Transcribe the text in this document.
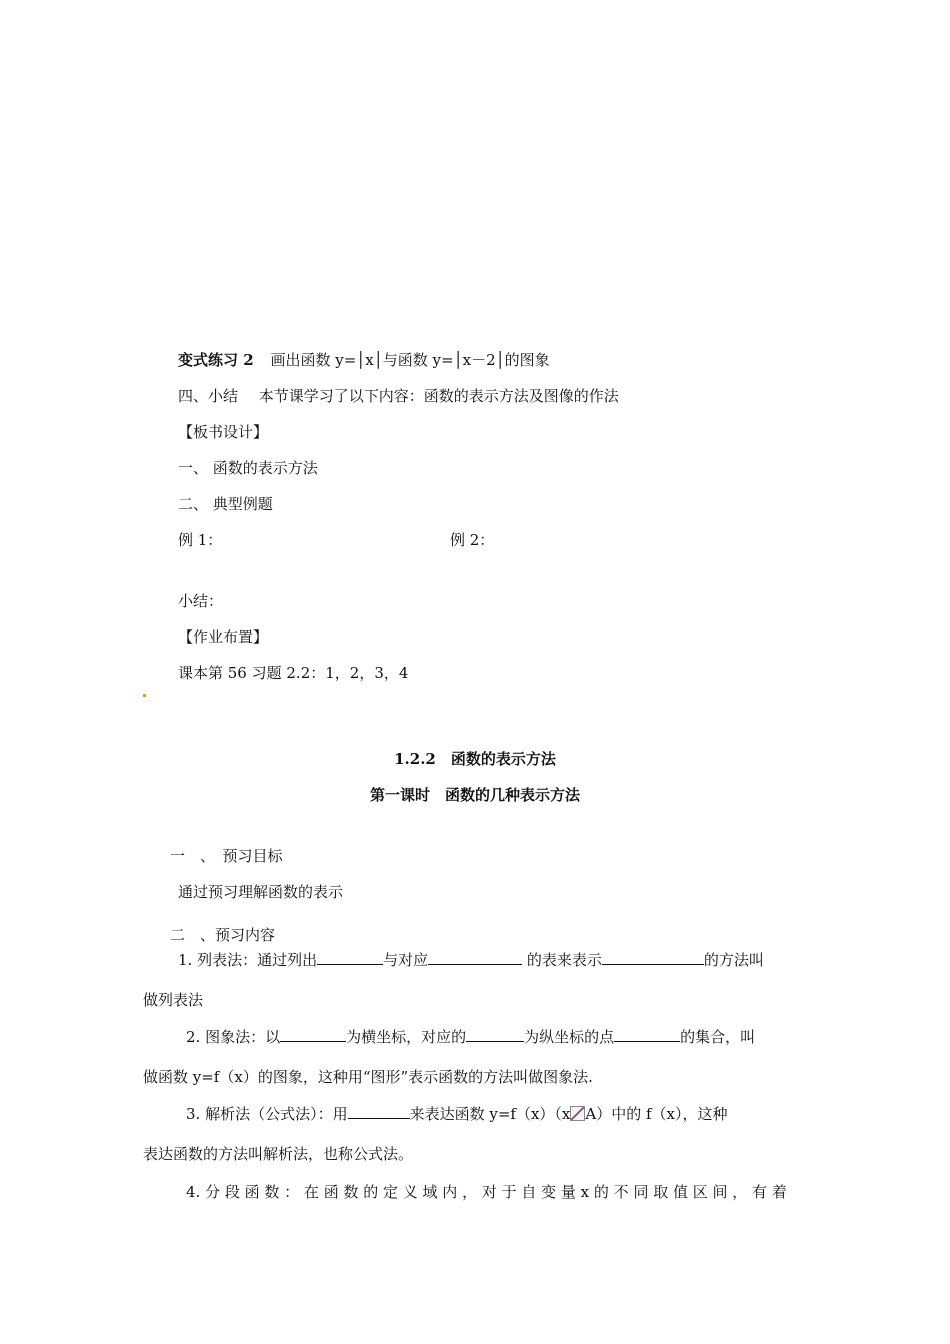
变式练习 2 画出函数 y=│x│与函数 y=│x－2│的图象
四、小结 本节课学习了以下内容：函数的表示方法及图像的作法
【板书设计】
一、 函数的表示方法
二、 典型例题
例 1：	例 2：
小结：
【作业布置】
课本第 56 习题 2.2：1，2，3，4
1.2.2　函数的表示方法
第一课时　函数的几种表示方法
一　、　预习目标
通过预习理解函数的表示
二　、预习内容
1. 列表法：通过列出	与对应	的表来表示	的方法叫
做列表法
2. 图象法：以	为横坐标，对应的	为纵坐标的点	的集合，叫
做函数 y=f（x）的图象，这种用“图形”表示函数的方法叫做图象法.
3. 解析法（公式法）：用	来表达函数 y=f（x）（x A）中的 f（x），这种
表达函数的方法叫解析法，也称公式法。
4. 分 段 函 数 ： 在 函 数 的 定 义 域 内 ， 对 于 自 变 量 x 的 不 同 取 值 区 间 ， 有 着
